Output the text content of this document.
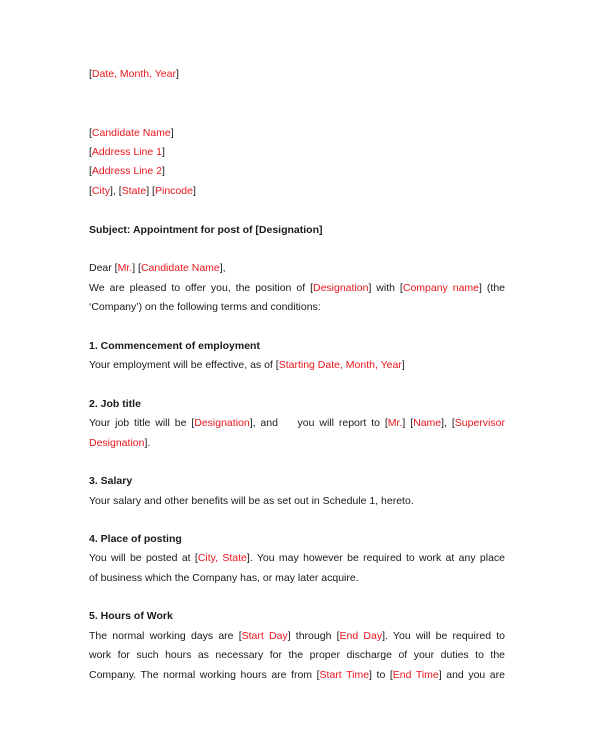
[Date, Month, Year]
[Candidate Name]
[Address Line 1]
[Address Line 2]
[City], [State] [Pincode]
Subject: Appointment for post of [Designation]
Dear [Mr.] [Candidate Name],
We are pleased to offer you, the position of [Designation] with [Company name] (the
‘Company’) on the following terms and conditions:
1. Commencement of employment
Your employment will be effective, as of [Starting Date, Month, Year]
2. Job title
Your job title will be [Designation], and    you will report to [Mr.] [Name], [Supervisor
Designation].
3. Salary
Your salary and other benefits will be as set out in Schedule 1, hereto.
4. Place of posting
You will be posted at [City, State]. You may however be required to work at any place
of business which the Company has, or may later acquire.
5. Hours of Work
The normal working days are [Start Day] through [End Day]. You will be required to
work for such hours as necessary for the proper discharge of your duties to the
Company. The normal working hours are from [Start Time] to [End Time] and you are
